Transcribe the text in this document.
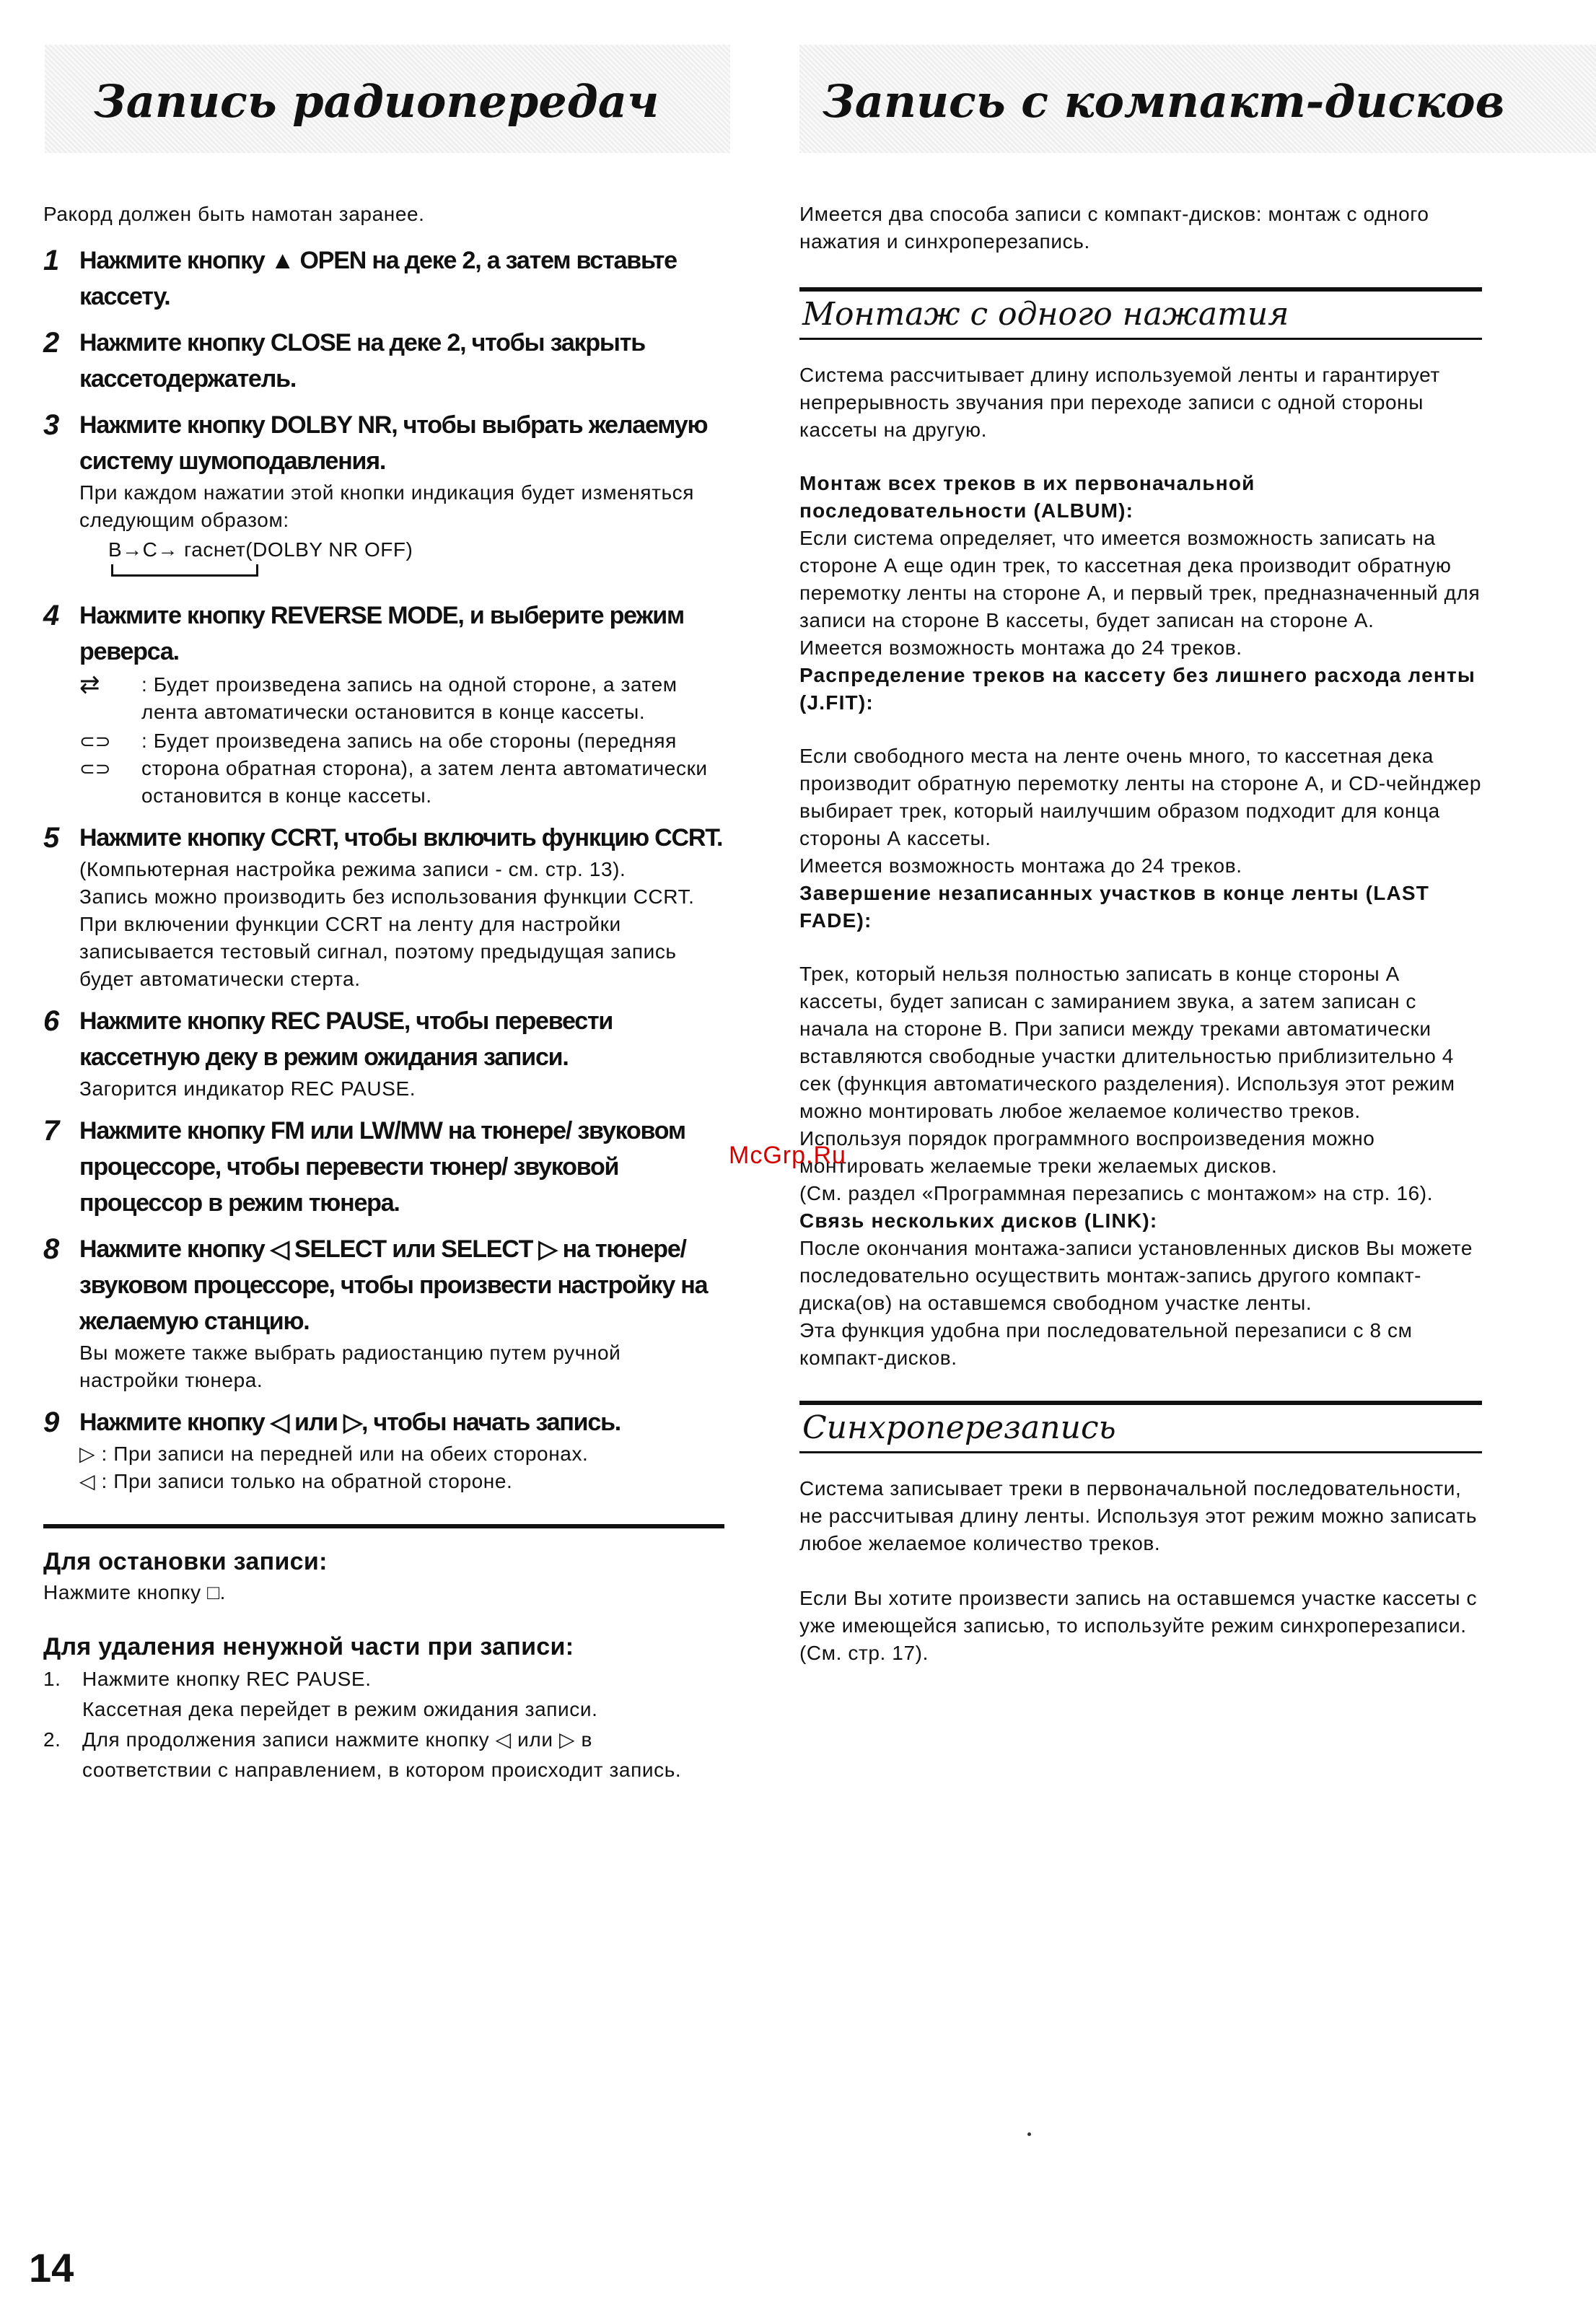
Запись радиопередач	Запись с компакт-дисков

Ракорд должен быть намотан заранее.

1 Нажмите кнопку ▲ OPEN на деке 2, а затем вставьте кассету.

2 Нажмите кнопку CLOSE на деке 2, чтобы закрыть кассетодержатель.

3 Нажмите кнопку DOLBY NR, чтобы выбрать желаемую систему шумоподавления.

При каждом нажатии этой кнопки индикация будет изменяться следующим образом:

B→C→ гаснет(DOLBY NR OFF)
4 Нажмите кнопку REVERSE MODE, и выберите режим реверса.

⇄	: Будет произведена запись на одной стороне, а затем лента автоматически остановится в конце кассеты.
⊂⊃ ⊂⊃
: Будет произведена запись на обе стороны (передняя сторона обратная сторона), а затем лента автоматически остановится в конце кассеты.
5 Нажмите кнопку CCRT, чтобы включить функцию CCRT.

(Компьютерная настройка режима записи - см. стр. 13).
Запись можно производить без использования функции CCRT.
При включении функции CCRT на ленту для настройки записывается тестовый сигнал, поэтому предыдущая запись будет автоматически стерта.

6 Нажмите кнопку REC PAUSE, чтобы перевести кассетную деку в режим ожидания записи.

Загорится индикатор REC PAUSE.

7 Нажмите кнопку FM или LW/MW на тюнере/ звуковом процессоре, чтобы перевести тюнер/ звуковой процессор в режим тюнера.

8 Нажмите кнопку ◁ SELECT или SELECT ▷ на тюнере/звуковом процессоре, чтобы произвести настройку на желаемую станцию.

Вы можете также выбрать радиостанцию путем ручной настройки тюнера.

9 Нажмите кнопку ◁ или ▷, чтобы начать запись.

▷ : При записи на передней или на обеих сторонах.
◁ : При записи только на обратной стороне.

Для остановки записи:

Нажмите кнопку □.

Для удаления ненужной части при записи:

1.	Нажмите кнопку REC PAUSE.
Кассетная дека перейдет в режим ожидания записи.
2.	Для продолжения записи нажмите кнопку ◁ или ▷ в соответствии с направлением, в котором происходит запись.

Имеется два способа записи с компакт-дисков: монтаж с одного нажатия и синхроперезапись.

Монтаж с одного нажатия

Система рассчитывает длину используемой ленты и гарантирует непрерывность звучания при переходе записи с одной стороны кассеты на другую.

Монтаж всех треков в их первоначальной последовательности (ALBUM):

Если система определяет, что имеется возможность записать на стороне А еще один трек, то кассетная дека производит обратную перемотку ленты на стороне А, и первый трек, предназначенный для записи на стороне В кассеты, будет записан на стороне А.
Имеется возможность монтажа до 24 треков.

Распределение треков на кассету без лишнего расхода ленты (J.FIT):

Если свободного места на ленте очень много, то кассетная дека производит обратную перемотку ленты на стороне А, и CD-чейнджер выбирает трек, который наилучшим образом подходит для конца стороны А кассеты.
Имеется возможность монтажа до 24 треков.

Завершение незаписанных участков в конце ленты (LAST FADE):

Трек, который нельзя полностью записать в конце стороны А кассеты, будет записан с замиранием звука, а затем записан с начала на стороне В. При записи между треками автоматически вставляются свободные участки длительностью приблизительно 4 сек (функция автоматического разделения). Используя этот режим можно монтировать любое желаемое количество треков.
Используя порядок программного воспроизведения можно монтировать желаемые треки желаемых дисков.
(См. раздел «Программная перезапись с монтажом» на стр. 16).

Связь нескольких дисков (LINK):

После окончания монтажа-записи установленных дисков Вы можете последовательно осуществить монтаж-запись другого компакт-диска(ов) на оставшемся свободном участке ленты.
Эта функция удобна при последовательной перезаписи с 8 см компакт-дисков.

Синхроперезапись

Система записывает треки в первоначальной последовательности, не рассчитывая длину ленты. Используя этот режим можно записать любое желаемое количество треков.

Если Вы хотите произвести запись на оставшемся участке кассеты с уже имеющейся записью, то используйте режим синхроперезаписи. (См. стр. 17).

McGrp.Ru
14
